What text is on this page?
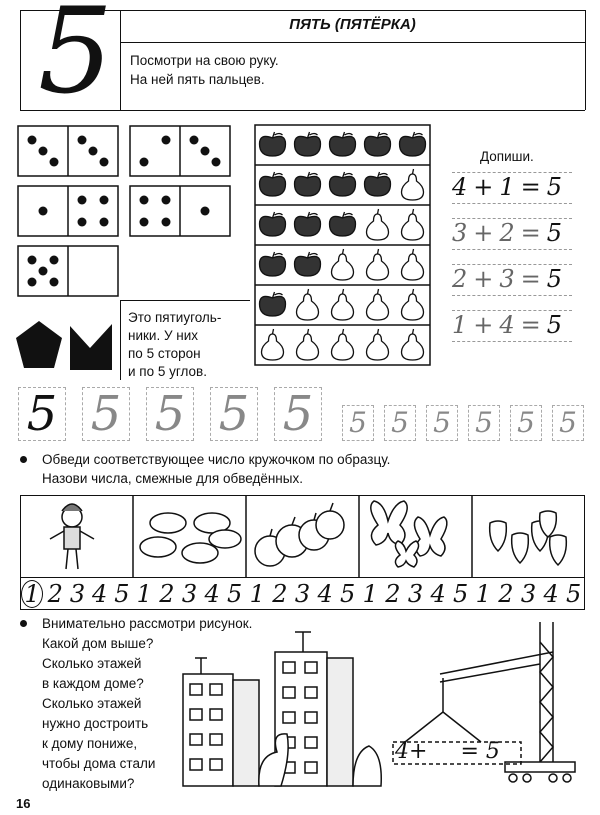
5	ПЯТЬ (ПЯТЁРКА)
Посмотри на свою руку.
На ней пять пальцев.
Это пятиуголь-
ники. У них
по 5 сторон
и по 5 углов.
Допиши.
4 + 1 = 5
3 + 2 = 5
2 + 3 = 5
1 + 4 = 5
5 5 5 5 5	5 5 5 5 5 5
Обведи соответствующее число кружочком по образцу.
Назови числа, смежные для обведённых.
1 2 3 4 5 1 2 3 4 5 1 2 3 4 5 1 2 3 4 5 1 2 3 4 5
Внимательно рассмотри рисунок.
Какой дом выше?
Сколько этажей
в каждом доме?
Сколько этажей
нужно достроить
к дому пониже,
чтобы дома стали
одинаковыми?
4+ = 5
16
